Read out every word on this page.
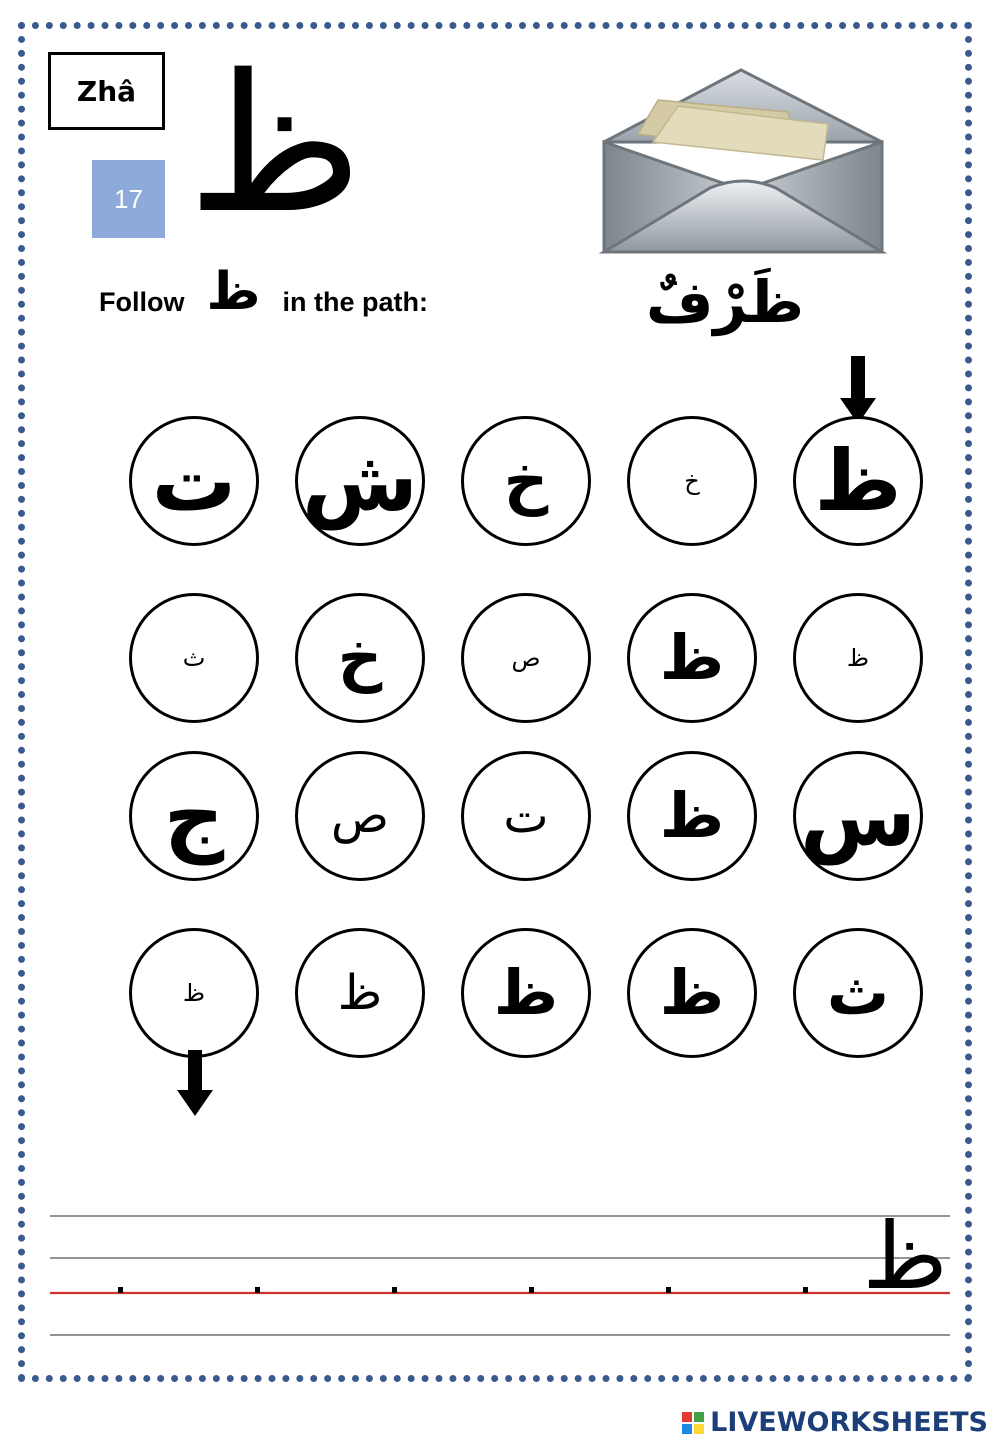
Zhâ
17 ظ
ظَرْفٌ
Follow ظ in the path:
ظ
خ
خ
ش
ت
ظ
ظ
ص
خ
ث
س
ظ
ت
ص
ج
ث
ظ
ظ
ظ
ظ
ظ
LIVEWORKSHEETS
